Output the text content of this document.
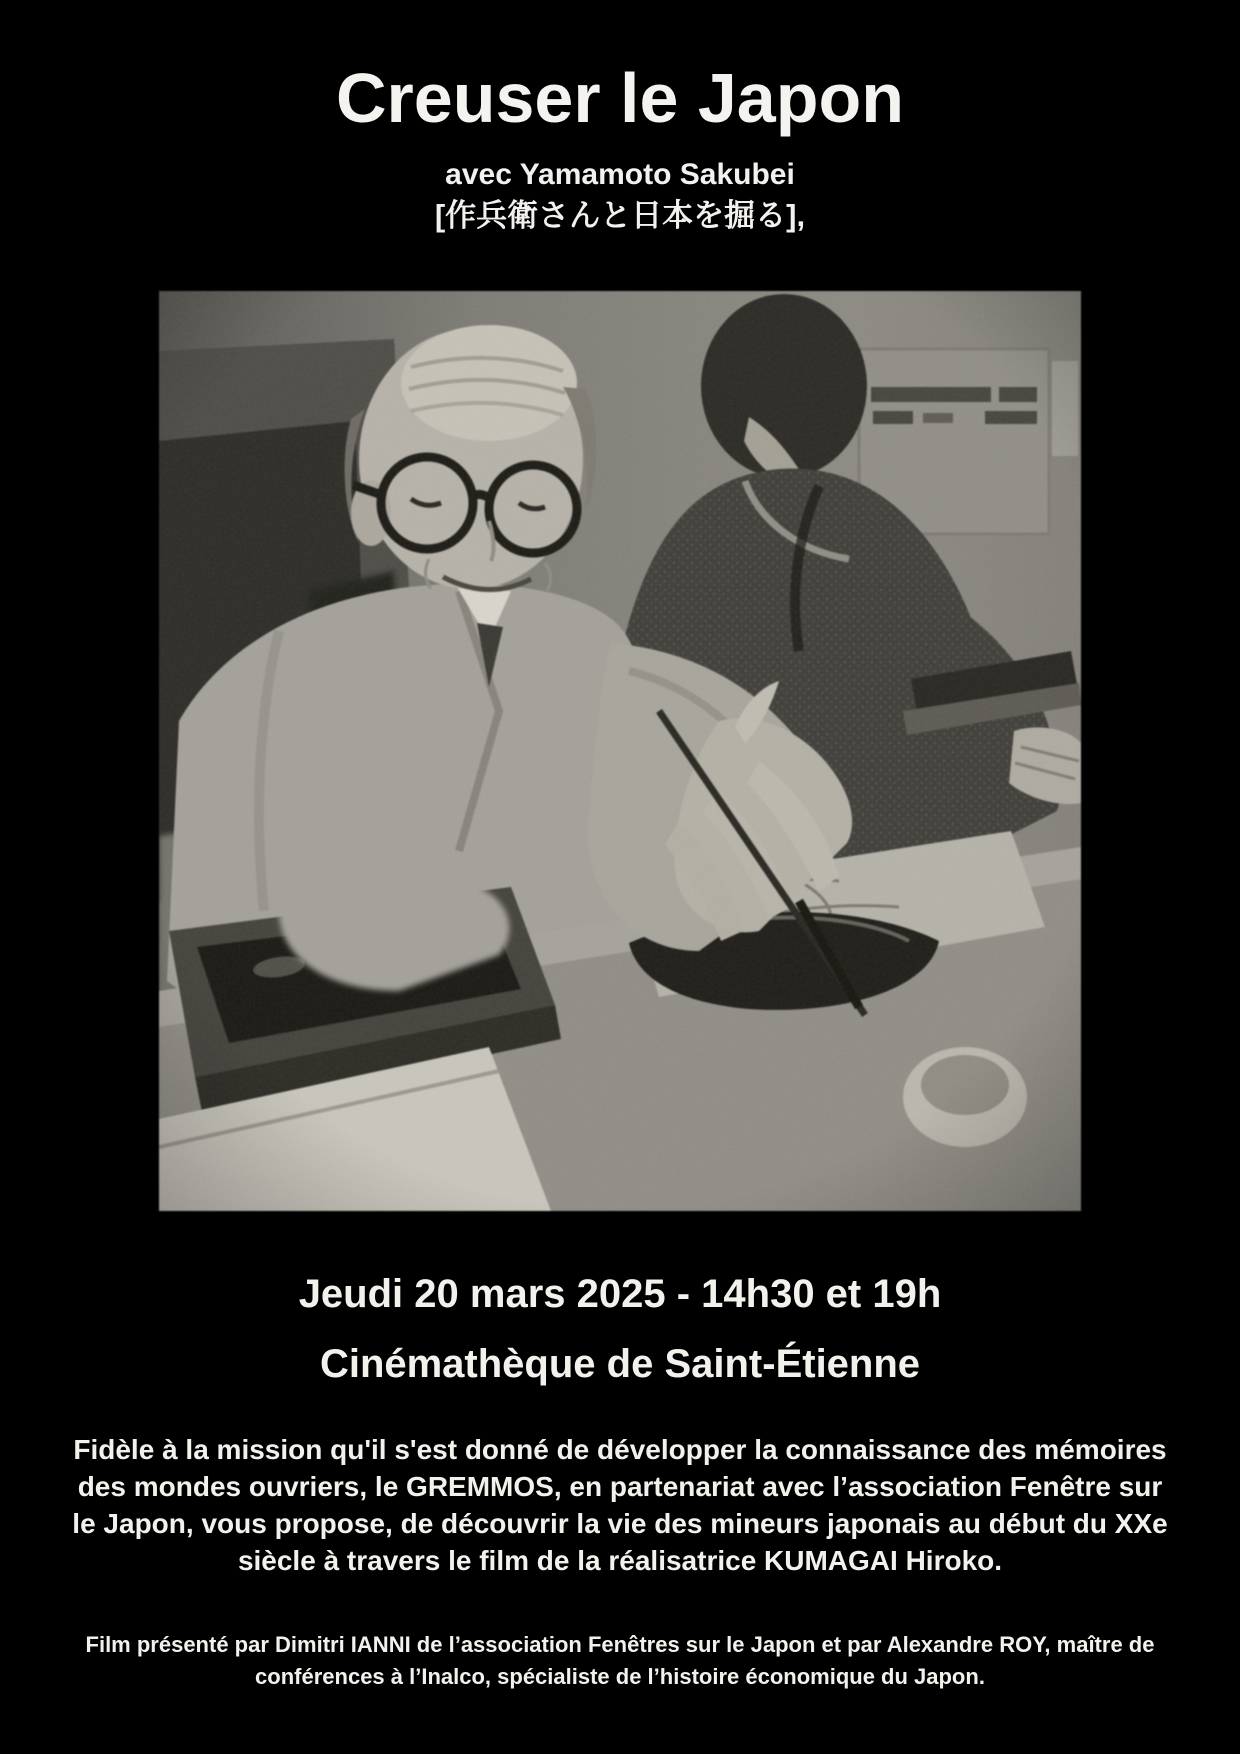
Creuser le Japon
avec Yamamoto Sakubei
[作兵衛さんと日本を掘る],
Jeudi 20 mars 2025 - 14h30 et 19h
Cinémathèque de Saint-Étienne
Fidèle à la mission qu'il s'est donné de développer la connaissance des mémoires
des mondes ouvriers, le GREMMOS, en partenariat avec l’association Fenêtre sur
le Japon, vous propose, de découvrir la vie des mineurs japonais au début du XXe
siècle à travers le film de la réalisatrice KUMAGAI Hiroko.
Film présenté par Dimitri IANNI de l’association Fenêtres sur le Japon et par Alexandre ROY, maître de
conférences à l’Inalco, spécialiste de l’histoire économique du Japon.
